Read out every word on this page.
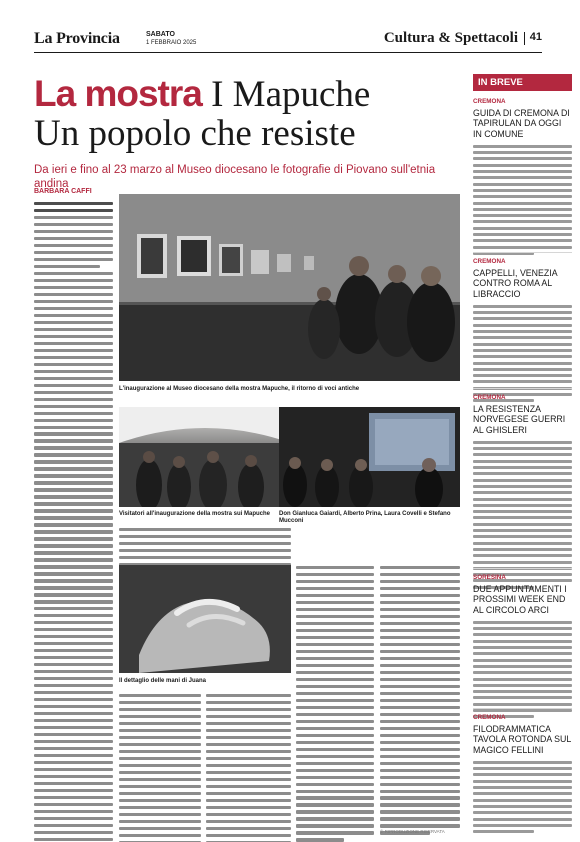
La Provincia	SABATO
1 FEBBRAIO 2025	Cultura & Spettacoli 41
La mostra I Mapuche
Un popolo che resiste
Da ieri e fino al 23 marzo al Museo diocesano le fotografie di Piovano sull'etnia andina
BARBARA CAFFI
L'inaugurazione al Museo diocesano della mostra Mapuche, il ritorno di voci antiche
Visitatori all'inaugurazione della mostra sui Mapuche	Don Gianluca Gaiardi, Alberto Prina, Laura Covelli e Stefano Mucconi
Il dettaglio delle mani di Juana
© RIPRODUZIONE RISERVATA
IN BREVE
CREMONA
GUIDA DI CREMONA DI TAPIRULAN DA OGGI IN COMUNE
CREMONA
CAPPELLI, VENEZIA CONTRO ROMA AL LIBRACCIO
CREMONA
LA RESISTENZA NORVEGESE GUERRI AL GHISLERI
SORESINA
DUE APPUNTAMENTI I PROSSIMI WEEK END AL CIRCOLO ARCI
CREMONA
FILODRAMMATICA TAVOLA ROTONDA SUL MAGICO FELLINI
